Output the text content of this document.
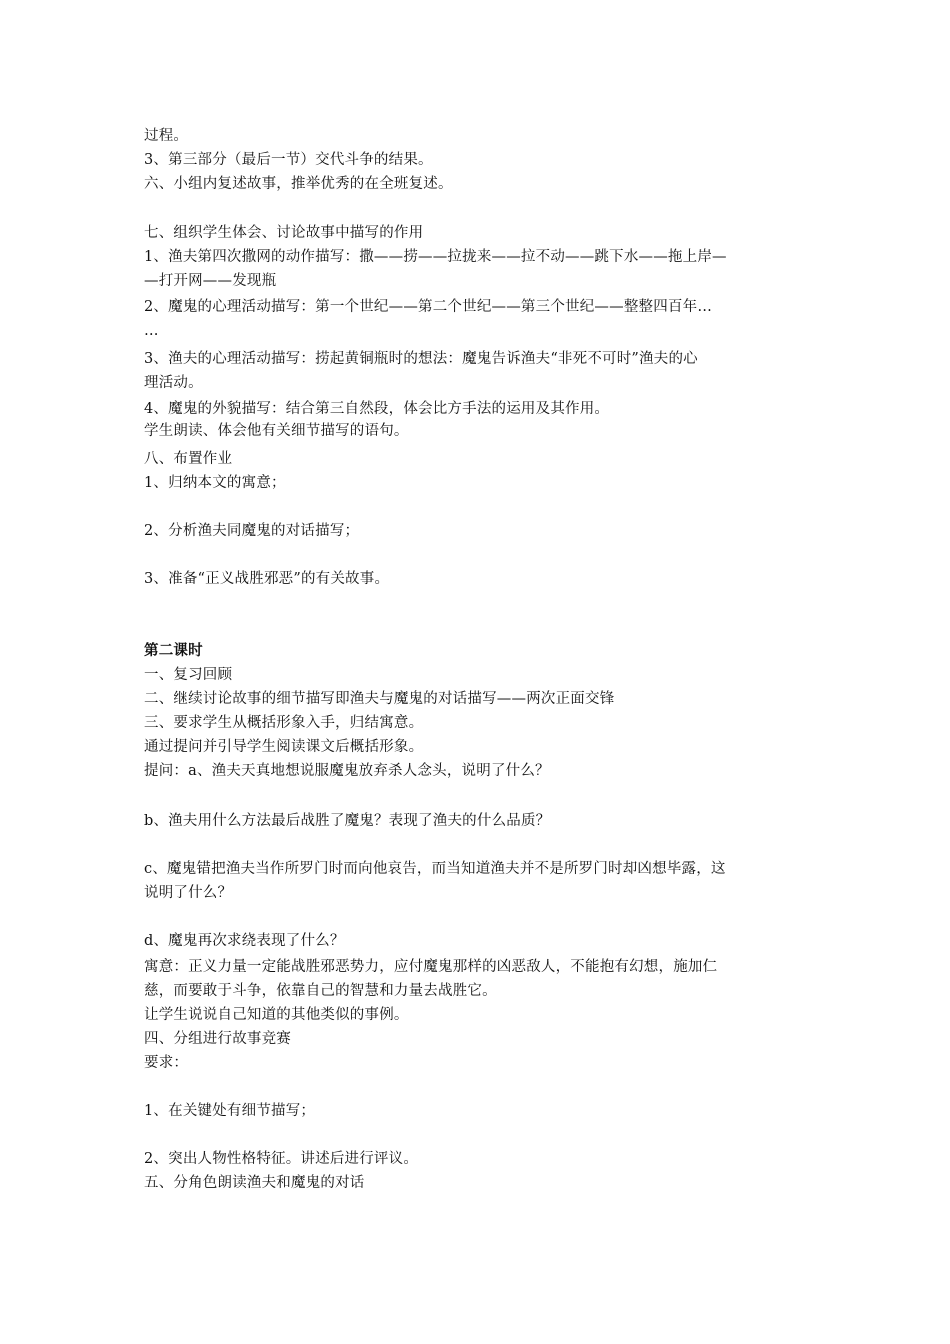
过程。
3、第三部分（最后一节）交代斗争的结果。
六、小组内复述故事，推举优秀的在全班复述。
七、组织学生体会、讨论故事中描写的作用
1、渔夫第四次撒网的动作描写：撒——捞——拉拢来——拉不动——跳下水——拖上岸—
—打开网——发现瓶
2、魔鬼的心理活动描写：第一个世纪——第二个世纪——第三个世纪——整整四百年…
…
3、渔夫的心理活动描写：捞起黄铜瓶时的想法：魔鬼告诉渔夫“非死不可时”渔夫的心
理活动。
4、魔鬼的外貌描写：结合第三自然段，体会比方手法的运用及其作用。
学生朗读、体会他有关细节描写的语句。
八、布置作业
1、归纳本文的寓意；
2、分析渔夫同魔鬼的对话描写；
3、准备“正义战胜邪恶”的有关故事。
第二课时
一、复习回顾
二、继续讨论故事的细节描写即渔夫与魔鬼的对话描写——两次正面交锋
三、要求学生从概括形象入手，归结寓意。
通过提问并引导学生阅读课文后概括形象。
提问：a、渔夫天真地想说服魔鬼放弃杀人念头，说明了什么？
b、渔夫用什么方法最后战胜了魔鬼？表现了渔夫的什么品质？
c、魔鬼错把渔夫当作所罗门时而向他哀告，而当知道渔夫并不是所罗门时却凶想毕露，这
说明了什么？
d、魔鬼再次求绕表现了什么？
寓意：正义力量一定能战胜邪恶势力，应付魔鬼那样的凶恶敌人，不能抱有幻想，施加仁
慈，而要敢于斗争，依靠自己的智慧和力量去战胜它。
让学生说说自己知道的其他类似的事例。
四、分组进行故事竞赛
要求：
1、在关键处有细节描写；
2、突出人物性格特征。讲述后进行评议。
五、分角色朗读渔夫和魔鬼的对话
